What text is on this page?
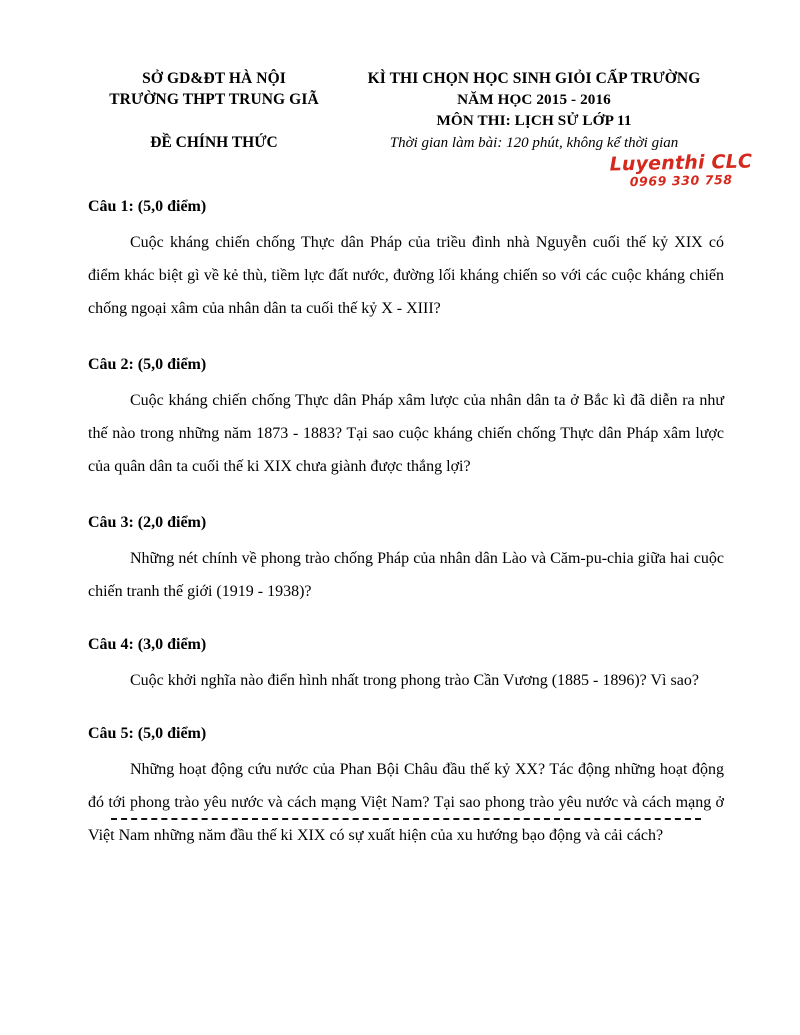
SỞ GD&ĐT HÀ NỘI
TRƯỜNG THPT TRUNG GIÃ
ĐỀ CHÍNH THỨC
KÌ THI CHỌN HỌC SINH GIỎI CẤP TRƯỜNG
NĂM HỌC 2015 - 2016
MÔN THI: LỊCH SỬ LỚP 11
Thời gian làm bài: 120 phút, không kể thời gian
Luyenthi CLC
0969 330 758

Câu 1: (5,0 điểm)

Cuộc kháng chiến chống Thực dân Pháp của triều đình nhà Nguyễn cuối thế kỷ XIX có điểm khác biệt gì về kẻ thù, tiềm lực đất nước, đường lối kháng chiến so với các cuộc kháng chiến chống ngoại xâm của nhân dân ta cuối thế kỷ X - XIII?

Câu 2: (5,0 điểm)

Cuộc kháng chiến chống Thực dân Pháp xâm lược của nhân dân ta ở Bắc kì đã diễn ra như thế nào trong những năm 1873 - 1883? Tại sao cuộc kháng chiến chống Thực dân Pháp xâm lược của quân dân ta cuối thế ki XIX chưa giành được thắng lợi?

Câu 3: (2,0 điểm)

Những nét chính về phong trào chống Pháp của nhân dân Lào và Căm-pu-chia giữa hai cuộc chiến tranh thế giới (1919 - 1938)?

Câu 4: (3,0 điểm)

Cuộc khởi nghĩa nào điển hình nhất trong phong trào Cần Vương (1885 - 1896)? Vì sao?

Câu 5: (5,0 điểm)

Những hoạt động cứu nước của Phan Bội Châu đầu thế kỷ XX? Tác động những hoạt động đó tới phong trào yêu nước và cách mạng Việt Nam? Tại sao phong trào yêu nước và cách mạng ở Việt Nam những năm đầu thế ki XIX có sự xuất hiện của xu hướng bạo động và cải cách?
